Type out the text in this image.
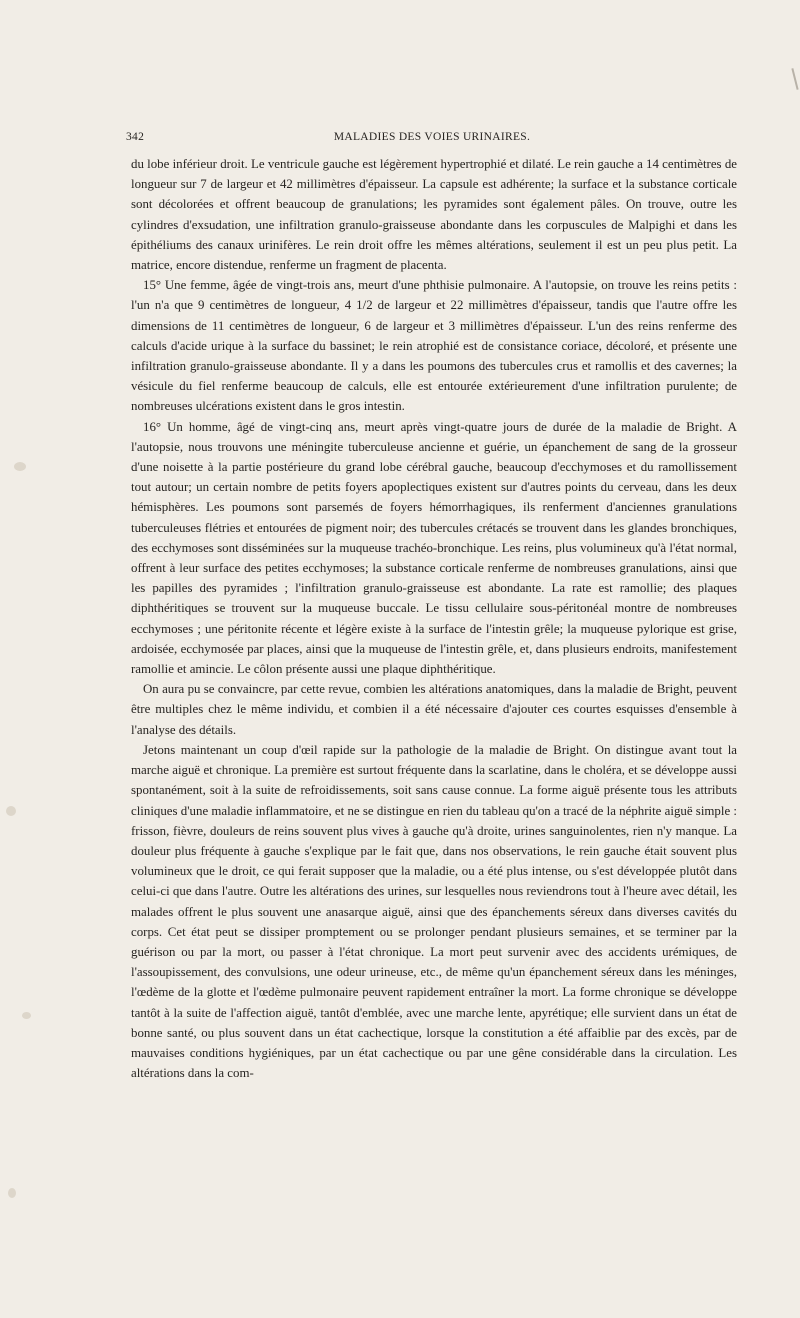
342	MALADIES DES VOIES URINAIRES.

du lobe inférieur droit. Le ventricule gauche est légèrement hypertrophié et dilaté. Le rein gauche a 14 centimètres de longueur sur 7 de largeur et 42 millimètres d'épaisseur. La capsule est adhérente; la surface et la substance corticale sont décolorées et offrent beaucoup de granulations; les pyramides sont également pâles. On trouve, outre les cylindres d'exsudation, une infiltration granulo-graisseuse abondante dans les corpuscules de Malpighi et dans les épithéliums des canaux urinifères. Le rein droit offre les mêmes altérations, seulement il est un peu plus petit. La matrice, encore distendue, renferme un fragment de placenta.

15° Une femme, âgée de vingt-trois ans, meurt d'une phthisie pulmonaire. A l'autopsie, on trouve les reins petits : l'un n'a que 9 centimètres de longueur, 4 1/2 de largeur et 22 millimètres d'épaisseur, tandis que l'autre offre les dimensions de 11 centimètres de longueur, 6 de largeur et 3 millimètres d'épaisseur. L'un des reins renferme des calculs d'acide urique à la surface du bassinet; le rein atrophié est de consistance coriace, décoloré, et présente une infiltration granulo-graisseuse abondante. Il y a dans les poumons des tubercules crus et ramollis et des cavernes; la vésicule du fiel renferme beaucoup de calculs, elle est entourée extérieurement d'une infiltration purulente; de nombreuses ulcérations existent dans le gros intestin.

16° Un homme, âgé de vingt-cinq ans, meurt après vingt-quatre jours de durée de la maladie de Bright. A l'autopsie, nous trouvons une méningite tuberculeuse ancienne et guérie, un épanchement de sang de la grosseur d'une noisette à la partie postérieure du grand lobe cérébral gauche, beaucoup d'ecchymoses et du ramollissement tout autour; un certain nombre de petits foyers apoplectiques existent sur d'autres points du cerveau, dans les deux hémisphères. Les poumons sont parsemés de foyers hémorrhagiques, ils renferment d'anciennes granulations tuberculeuses flétries et entourées de pigment noir; des tubercules crétacés se trouvent dans les glandes bronchiques, des ecchymoses sont disséminées sur la muqueuse trachéo-bronchique. Les reins, plus volumineux qu'à l'état normal, offrent à leur surface des petites ecchymoses; la substance corticale renferme de nombreuses granulations, ainsi que les papilles des pyramides ; l'infiltration granulo-graisseuse est abondante. La rate est ramollie; des plaques diphthéritiques se trouvent sur la muqueuse buccale. Le tissu cellulaire sous-péritonéal montre de nombreuses ecchymoses ; une péritonite récente et légère existe à la surface de l'intestin grêle; la muqueuse pylorique est grise, ardoisée, ecchymosée par places, ainsi que la muqueuse de l'intestin grêle, et, dans plusieurs endroits, manifestement ramollie et amincie. Le côlon présente aussi une plaque diphthéritique.

On aura pu se convaincre, par cette revue, combien les altérations anatomiques, dans la maladie de Bright, peuvent être multiples chez le même individu, et combien il a été nécessaire d'ajouter ces courtes esquisses d'ensemble à l'analyse des détails.

Jetons maintenant un coup d'œil rapide sur la pathologie de la maladie de Bright. On distingue avant tout la marche aiguë et chronique. La première est surtout fréquente dans la scarlatine, dans le choléra, et se développe aussi spontanément, soit à la suite de refroidissements, soit sans cause connue. La forme aiguë présente tous les attributs cliniques d'une maladie inflammatoire, et ne se distingue en rien du tableau qu'on a tracé de la néphrite aiguë simple : frisson, fièvre, douleurs de reins souvent plus vives à gauche qu'à droite, urines sanguinolentes, rien n'y manque. La douleur plus fréquente à gauche s'explique par le fait que, dans nos observations, le rein gauche était souvent plus volumineux que le droit, ce qui ferait supposer que la maladie, ou a été plus intense, ou s'est développée plutôt dans celui-ci que dans l'autre. Outre les altérations des urines, sur lesquelles nous reviendrons tout à l'heure avec détail, les malades offrent le plus souvent une anasarque aiguë, ainsi que des épanchements séreux dans diverses cavités du corps. Cet état peut se dissiper promptement ou se prolonger pendant plusieurs semaines, et se terminer par la guérison ou par la mort, ou passer à l'état chronique. La mort peut survenir avec des accidents urémiques, de l'assoupissement, des convulsions, une odeur urineuse, etc., de même qu'un épanchement séreux dans les méninges, l'œdème de la glotte et l'œdème pulmonaire peuvent rapidement entraîner la mort. La forme chronique se développe tantôt à la suite de l'affection aiguë, tantôt d'emblée, avec une marche lente, apyrétique; elle survient dans un état de bonne santé, ou plus souvent dans un état cachectique, lorsque la constitution a été affaiblie par des excès, par de mauvaises conditions hygiéniques, par un état cachectique ou par une gêne considérable dans la circulation. Les altérations dans la com-
